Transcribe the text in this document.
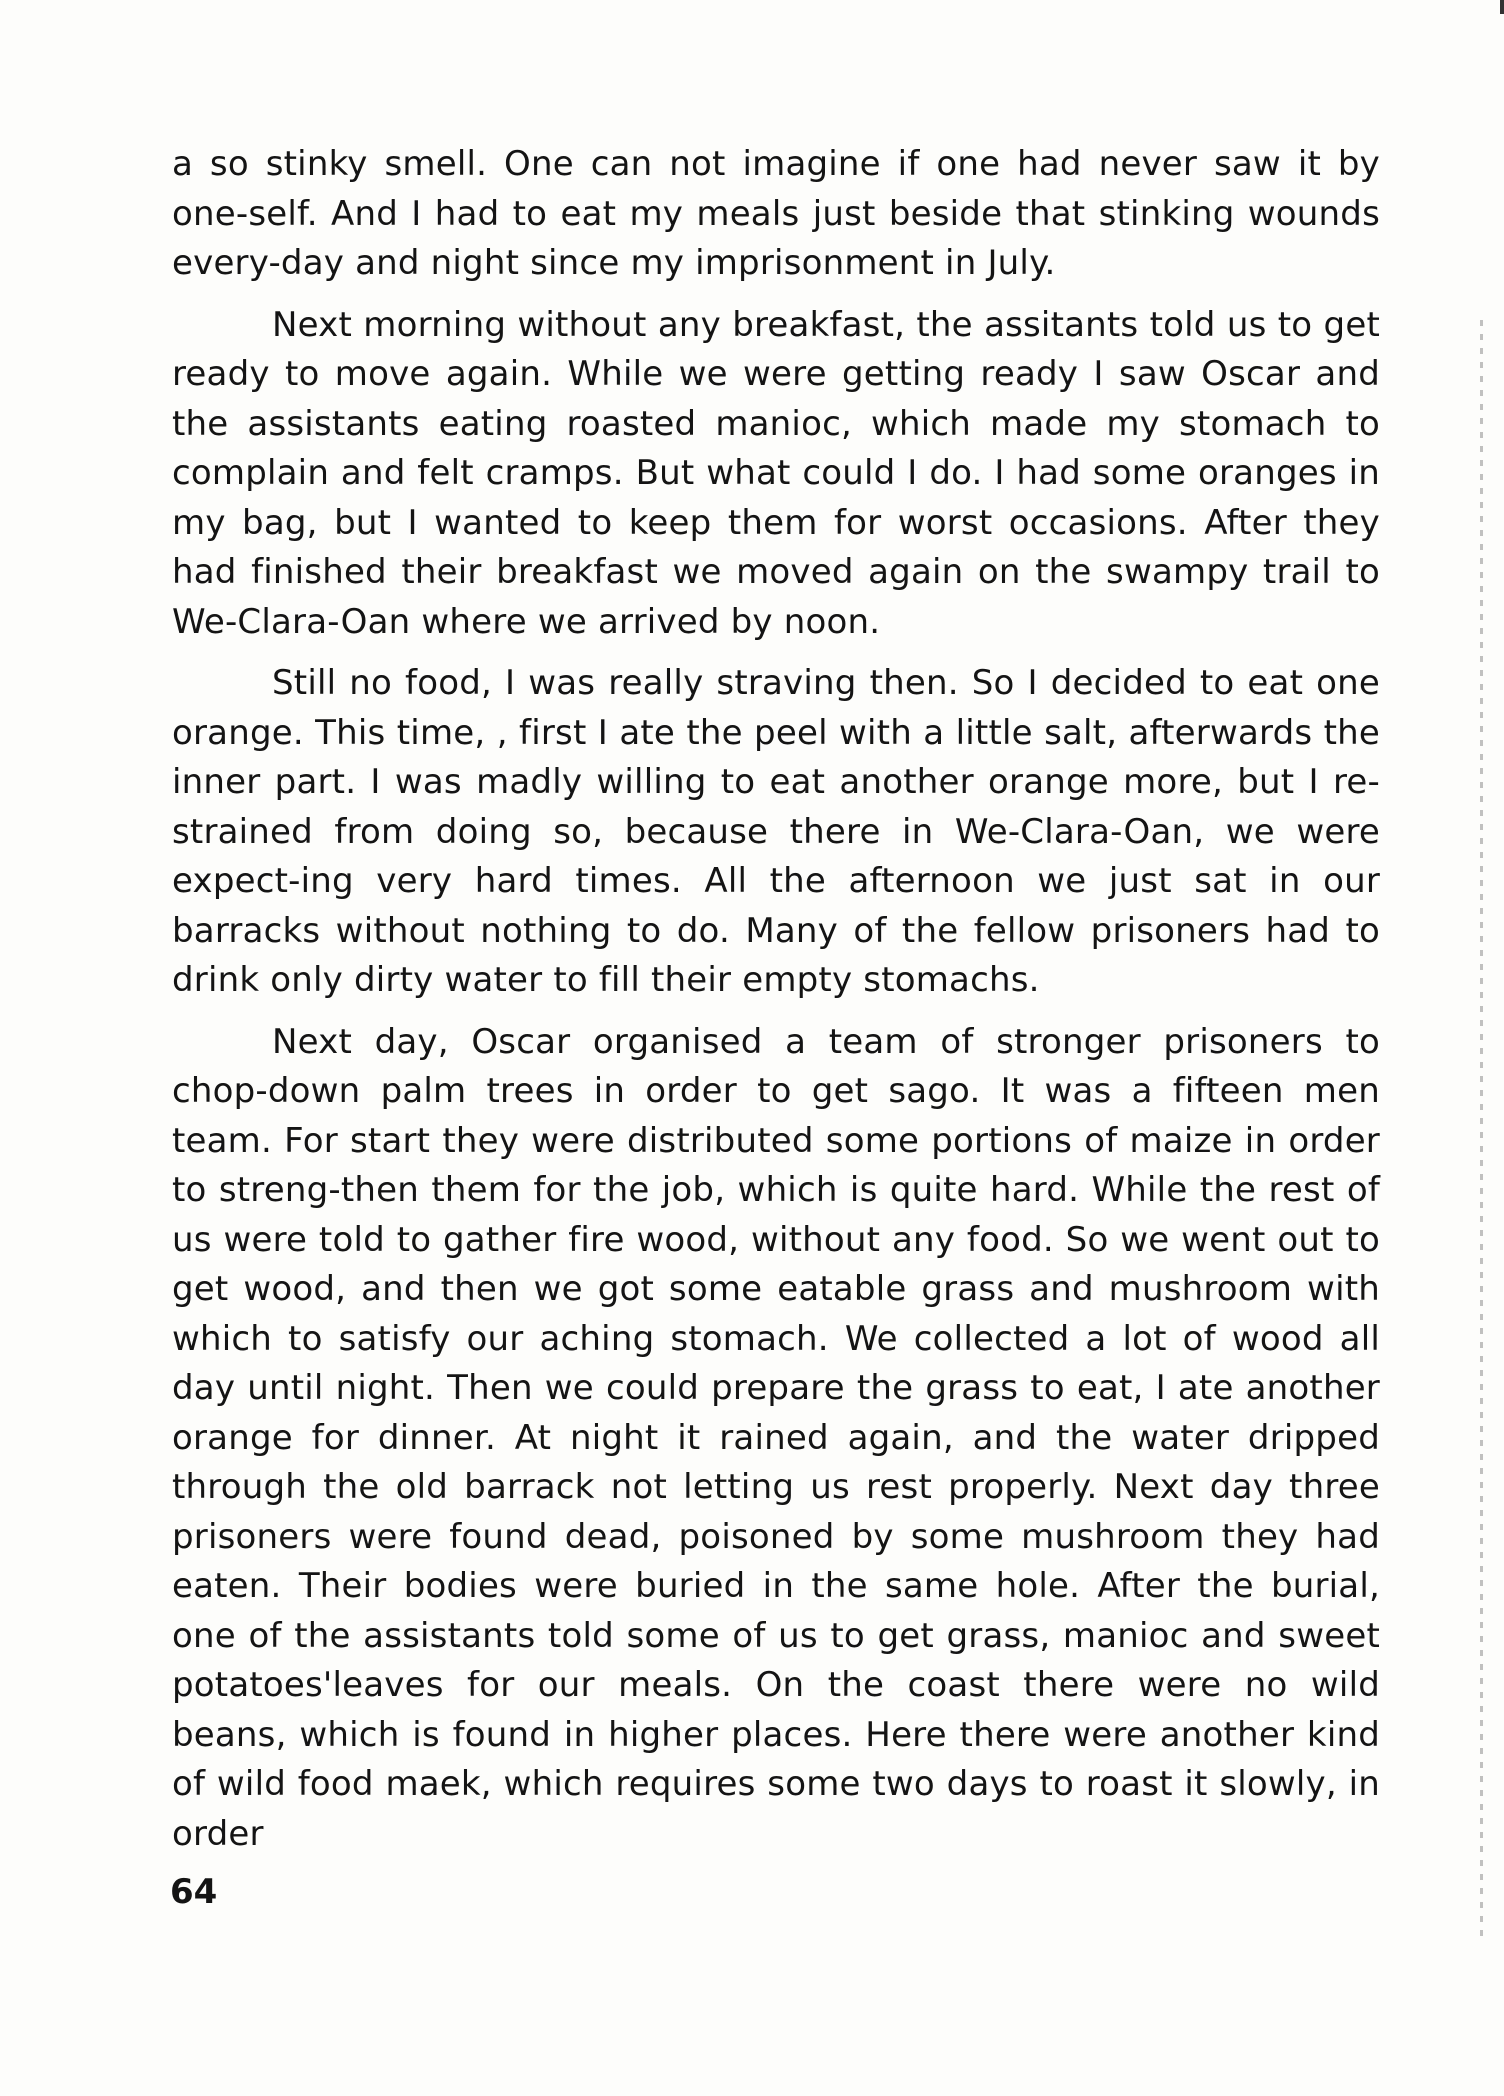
a so stinky smell. One can not imagine if one had never saw it by one-self. And I had to eat my meals just beside that stinking wounds every-day and night since my imprisonment in July.

Next morning without any breakfast, the assitants told us to get ready to move again. While we were getting ready I saw Oscar and the assistants eating roasted manioc, which made my stomach to complain and felt cramps. But what could I do. I had some oranges in my bag, but I wanted to keep them for worst occasions. After they had finished their breakfast we moved again on the swampy trail to We-Clara-Oan where we arrived by noon.

Still no food, I was really straving then. So I decided to eat one orange. This time, , first I ate the peel with a little salt, afterwards the inner part. I was madly willing to eat another orange more, but I re-strained from doing so, because there in We-Clara-Oan, we were expect-ing very hard times. All the afternoon we just sat in our barracks without nothing to do. Many of the fellow prisoners had to drink only dirty water to fill their empty stomachs.

Next day, Oscar organised a team of stronger prisoners to chop-down palm trees in order to get sago. It was a fifteen men team. For start they were distributed some portions of maize in order to streng-then them for the job, which is quite hard. While the rest of us were told to gather fire wood, without any food. So we went out to get wood, and then we got some eatable grass and mushroom with which to satisfy our aching stomach. We collected a lot of wood all day until night. Then we could prepare the grass to eat, I ate another orange for dinner. At night it rained again, and the water dripped through the old barrack not letting us rest properly. Next day three prisoners were found dead, poisoned by some mushroom they had eaten. Their bodies were buried in the same hole. After the burial, one of the assistants told some of us to get grass, manioc and sweet potatoes'leaves for our meals. On the coast there were no wild beans, which is found in higher places. Here there were another kind of wild food maek, which requires some two days to roast it slowly, in order

64
